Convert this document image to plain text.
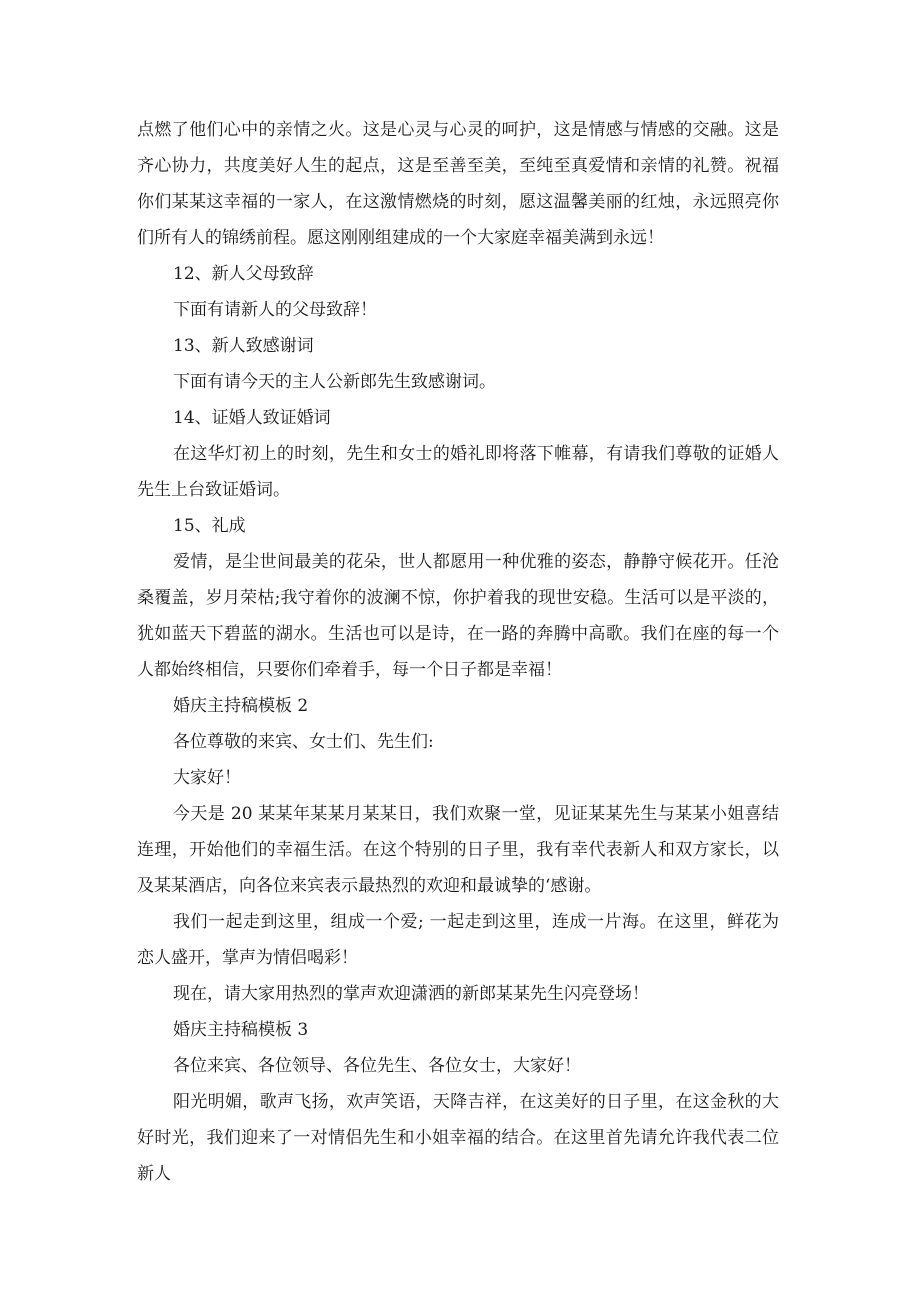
点燃了他们心中的亲情之火。这是心灵与心灵的呵护，这是情感与情感的交融。这是齐心协力，共度美好人生的起点，这是至善至美，至纯至真爱情和亲情的礼赞。祝福你们某某这幸福的一家人，在这激情燃烧的时刻，愿这温馨美丽的红烛，永远照亮你们所有人的锦绣前程。愿这刚刚组建成的一个大家庭幸福美满到永远！

12、新人父母致辞

下面有请新人的父母致辞！

13、新人致感谢词

下面有请今天的主人公新郎先生致感谢词。

14、证婚人致证婚词

在这华灯初上的时刻，先生和女士的婚礼即将落下帷幕，有请我们尊敬的证婚人先生上台致证婚词。

15、礼成

爱情，是尘世间最美的花朵，世人都愿用一种优雅的姿态，静静守候花开。任沧桑覆盖，岁月荣枯;我守着你的波澜不惊，你护着我的现世安稳。生活可以是平淡的，犹如蓝天下碧蓝的湖水。生活也可以是诗，在一路的奔腾中高歌。我们在座的每一个人都始终相信，只要你们牵着手，每一个日子都是幸福！

婚庆主持稿模板 2

各位尊敬的来宾、女士们、先生们:

大家好！

今天是 20 某某年某某月某某日，我们欢聚一堂，见证某某先生与某某小姐喜结连理，开始他们的幸福生活。在这个特别的日子里，我有幸代表新人和双方家长，以及某某酒店，向各位来宾表示最热烈的欢迎和最诚挚的‘感谢。

我们一起走到这里，组成一个爱; 一起走到这里，连成一片海。在这里，鲜花为恋人盛开，掌声为情侣喝彩！

现在，请大家用热烈的掌声欢迎潇洒的新郎某某先生闪亮登场！

婚庆主持稿模板 3

各位来宾、各位领导、各位先生、各位女士，大家好！

阳光明媚，歌声飞扬，欢声笑语，天降吉祥，在这美好的日子里，在这金秋的大好时光，我们迎来了一对情侣先生和小姐幸福的结合。在这里首先请允许我代表二位新人
